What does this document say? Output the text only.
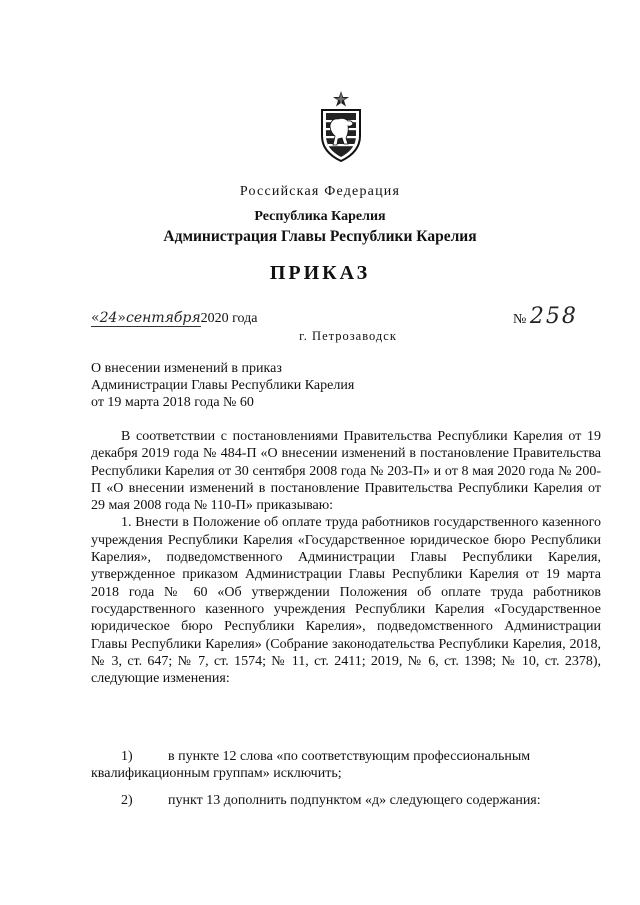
Российская Федерация
Республика Карелия
Администрация Главы Республики Карелия
ПРИКАЗ
«24»сентября2020 года	№ 258
г. Петрозаводск
О внесении изменений в приказ
Администрации Главы Республики Карелия
от 19 марта 2018 года № 60

В соответствии с постановлениями Правительства Республики Карелия от 19 декабря 2019 года № 484-П «О внесении изменений в постановление Правительства Республики Карелия от 30 сентября 2008 года № 203-П» и от 8 мая 2020 года № 200-П «О внесении изменений в постановление Правительства Республики Карелия от 29 мая 2008 года № 110-П» приказываю:

1. Внести в Положение об оплате труда работников государственного казенного учреждения Республики Карелия «Государственное юридическое бюро Республики Карелия», подведомственного Администрации Главы Республики Карелия, утвержденное приказом Администрации Главы Республики Карелия от 19 марта 2018 года № 60 «Об утверждении Положения об оплате труда работников государственного казенного учреждения Республики Карелия «Государственное юридическое бюро Республики Карелия», подведомственного Администрации Главы Республики Карелия» (Собрание законодательства Республики Карелия, 2018, № 3, ст. 647; № 7, ст. 1574; № 11, ст. 2411; 2019, № 6, ст. 1398; № 10, ст. 2378), следующие изменения:

1)	в пункте 12 слова «по соответствующим профессиональным
квалификационным группам» исключить;
2)	пункт 13 дополнить подпунктом «д» следующего содержания:
